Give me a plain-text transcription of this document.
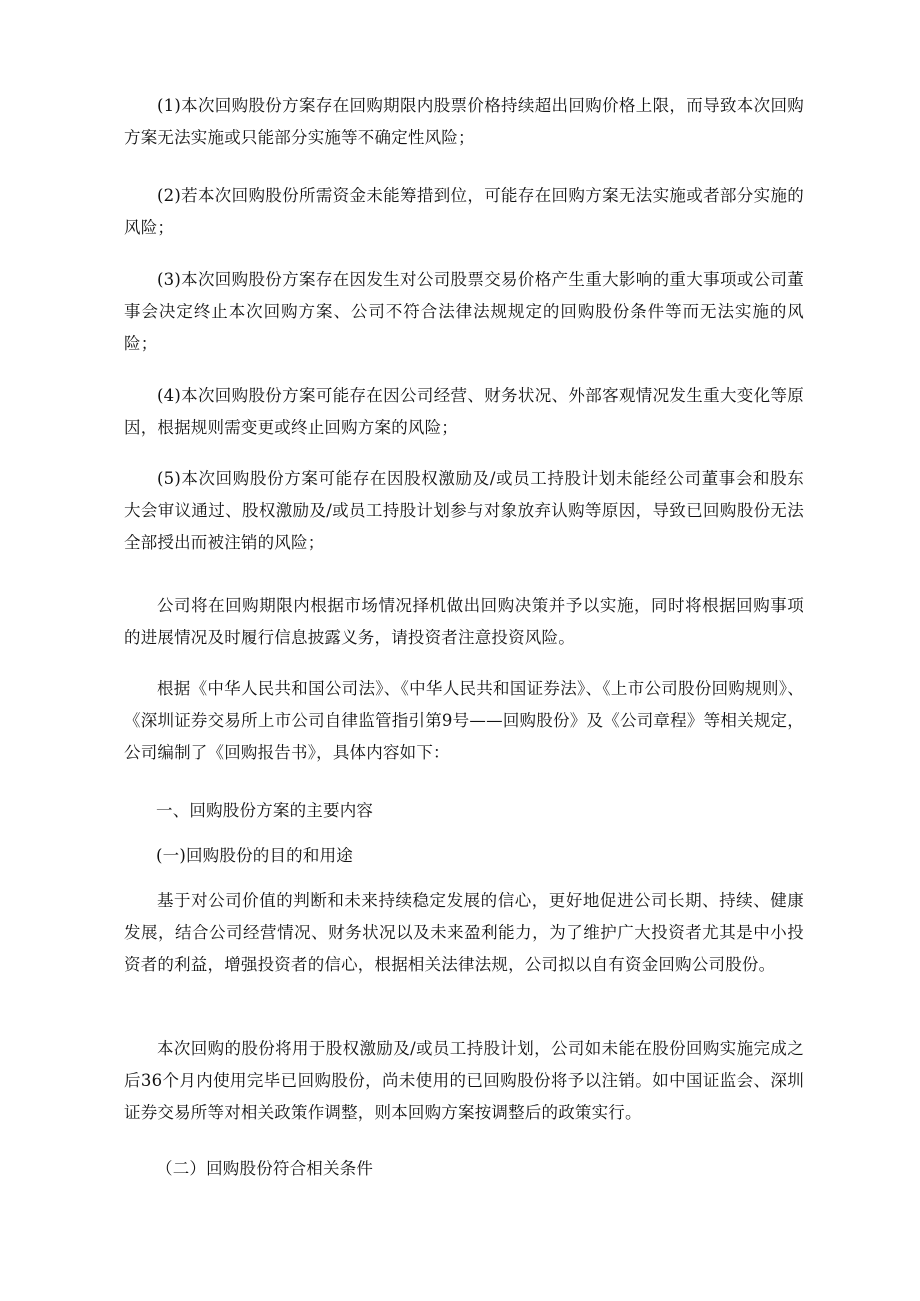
(1)本次回购股份方案存在回购期限内股票价格持续超出回购价格上限，而导致本次回购方案无法实施或只能部分实施等不确定性风险；

(2)若本次回购股份所需资金未能筹措到位，可能存在回购方案无法实施或者部分实施的风险；

(3)本次回购股份方案存在因发生对公司股票交易价格产生重大影响的重大事项或公司董事会决定终止本次回购方案、公司不符合法律法规规定的回购股份条件等而无法实施的风险；

(4)本次回购股份方案可能存在因公司经营、财务状况、外部客观情况发生重大变化等原因，根据规则需变更或终止回购方案的风险；

(5)本次回购股份方案可能存在因股权激励及/或员工持股计划未能经公司董事会和股东大会审议通过、股权激励及/或员工持股计划参与对象放弃认购等原因，导致已回购股份无法全部授出而被注销的风险；

公司将在回购期限内根据市场情况择机做出回购决策并予以实施，同时将根据回购事项的进展情况及时履行信息披露义务，请投资者注意投资风险。

根据《中华人民共和国公司法》、《中华人民共和国证券法》、《上市公司股份回购规则》、《深圳证券交易所上市公司自律监管指引第9号——回购股份》及《公司章程》等相关规定，公司编制了《回购报告书》，具体内容如下：

一、回购股份方案的主要内容

(一)回购股份的目的和用途

基于对公司价值的判断和未来持续稳定发展的信心，更好地促进公司长期、持续、健康发展，结合公司经营情况、财务状况以及未来盈利能力，为了维护广大投资者尤其是中小投资者的利益，增强投资者的信心，根据相关法律法规，公司拟以自有资金回购公司股份。

本次回购的股份将用于股权激励及/或员工持股计划，公司如未能在股份回购实施完成之后36个月内使用完毕已回购股份，尚未使用的已回购股份将予以注销。如中国证监会、深圳证券交易所等对相关政策作调整，则本回购方案按调整后的政策实行。

（二）回购股份符合相关条件
